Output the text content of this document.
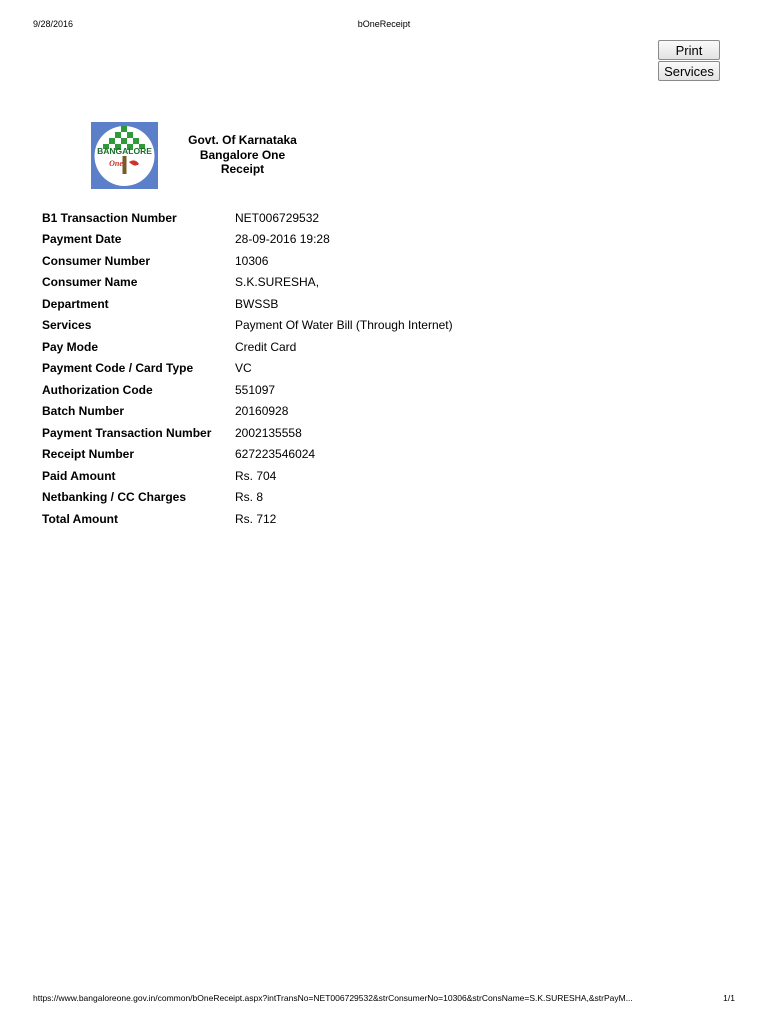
9/28/2016	bOneReceipt
Print
Services
BANGALORE
One
Govt. Of Karnataka
Bangalore One
Receipt
B1 Transaction Number	NET006729532
Payment Date	28-09-2016 19:28
Consumer Number	10306
Consumer Name	S.K.SURESHA,
Department	BWSSB
Services	Payment Of Water Bill (Through Internet)
Pay Mode	Credit Card
Payment Code / Card Type	VC
Authorization Code	551097
Batch Number	20160928
Payment Transaction Number	2002135558
Receipt Number	627223546024
Paid Amount	Rs. 704
Netbanking / CC Charges	Rs. 8
Total Amount	Rs. 712
https://www.bangaloreone.gov.in/common/bOneReceipt.aspx?intTransNo=NET006729532&strConsumerNo=10306&strConsName=S.K.SURESHA,&strPayM...	1/1
